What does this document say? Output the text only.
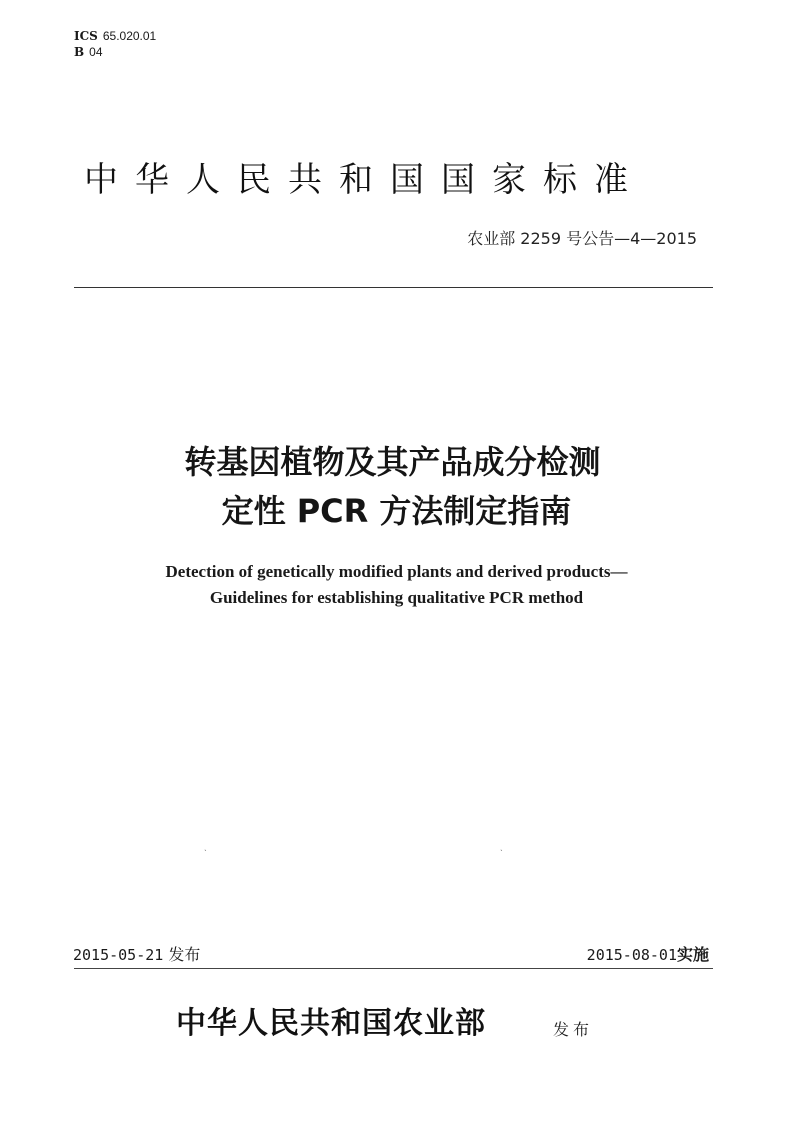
ICS 65.020.01
B 04
中华人民共和国国家标准
农业部 2259 号公告—4—2015
转基因植物及其产品成分检测
定性 PCR 方法制定指南
Detection of genetically modified plants and derived products—
Guidelines for establishing qualitative PCR method
˴	˴
2015-05-21 发布	2015-08-01实施
中华人民共和国农业部	发布
